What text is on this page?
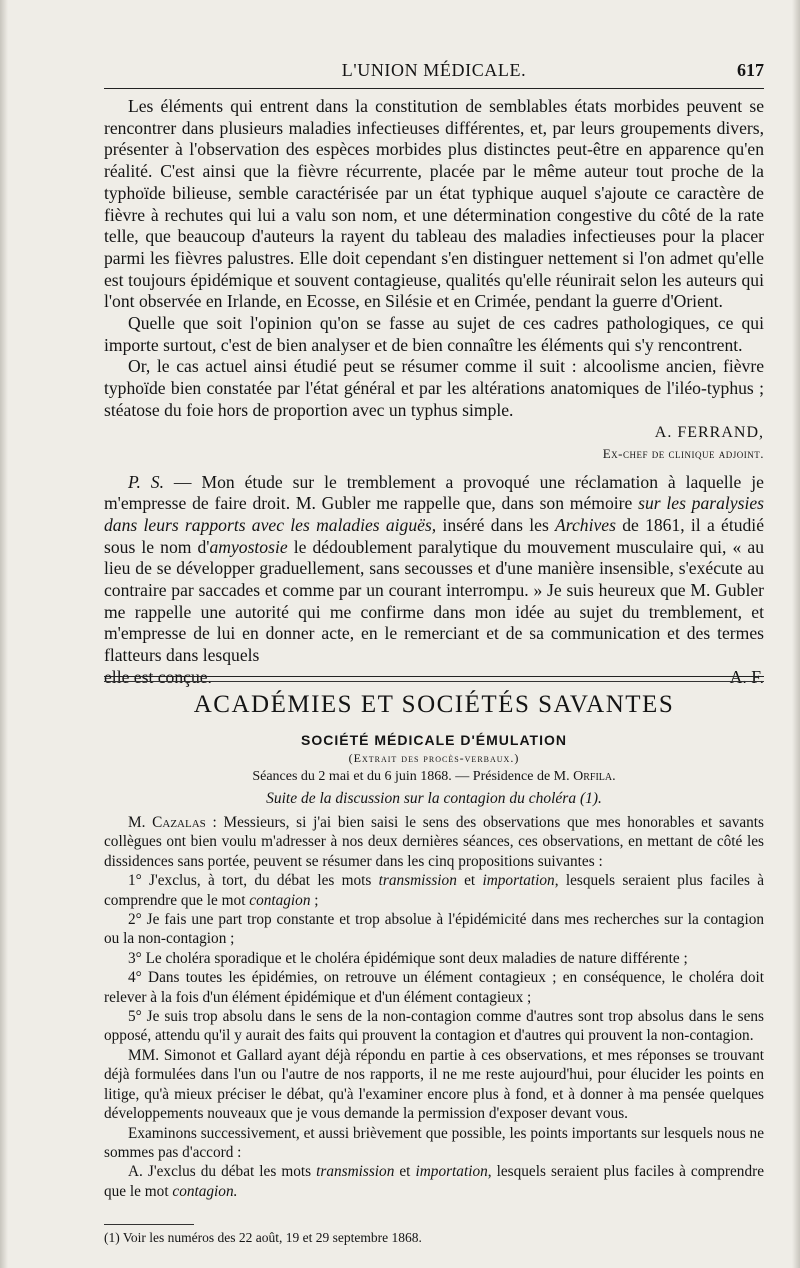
L'UNION MÉDICALE.	617

Les éléments qui entrent dans la constitution de semblables états morbides peuvent se rencontrer dans plusieurs maladies infectieuses différentes, et, par leurs groupements divers, présenter à l'observation des espèces morbides plus distinctes peut-être en apparence qu'en réalité. C'est ainsi que la fièvre récurrente, placée par le même auteur tout proche de la typhoïde bilieuse, semble caractérisée par un état typhique auquel s'ajoute ce caractère de fièvre à rechutes qui lui a valu son nom, et une détermination congestive du côté de la rate telle, que beaucoup d'auteurs la rayent du tableau des maladies infectieuses pour la placer parmi les fièvres palustres. Elle doit cependant s'en distinguer nettement si l'on admet qu'elle est toujours épidémique et souvent contagieuse, qualités qu'elle réunirait selon les auteurs qui l'ont observée en Irlande, en Ecosse, en Silésie et en Crimée, pendant la guerre d'Orient.

Quelle que soit l'opinion qu'on se fasse au sujet de ces cadres pathologiques, ce qui importe surtout, c'est de bien analyser et de bien connaître les éléments qui s'y rencontrent.

Or, le cas actuel ainsi étudié peut se résumer comme il suit : alcoolisme ancien, fièvre typhoïde bien constatée par l'état général et par les altérations anatomiques de l'iléo-typhus ; stéatose du foie hors de proportion avec un typhus simple.

A. FERRAND,
Ex-chef de clinique adjoint.

P. S. — Mon étude sur le tremblement a provoqué une réclamation à laquelle je m'empresse de faire droit. M. Gubler me rappelle que, dans son mémoire sur les paralysies dans leurs rapports avec les maladies aiguës, inséré dans les Archives de 1861, il a étudié sous le nom d'amyostosie le dédoublement paralytique du mouvement musculaire qui, « au lieu de se développer graduellement, sans secousses et d'une manière insensible, s'exécute au contraire par saccades et comme par un courant interrompu. » Je suis heureux que M. Gubler me rappelle une autorité qui me confirme dans mon idée au sujet du tremblement, et m'empresse de lui en donner acte, en le remerciant et de sa communication et des termes flatteurs dans lesquels

elle est conçue.	A. F.
ACADÉMIES ET SOCIÉTÉS SAVANTES
SOCIÉTÉ MÉDICALE D'ÉMULATION
(Extrait des procès-verbaux.)
Séances du 2 mai et du 6 juin 1868. — Présidence de M. Orfila.
Suite de la discussion sur la contagion du choléra (1).

M. Cazalas : Messieurs, si j'ai bien saisi le sens des observations que mes honorables et savants collègues ont bien voulu m'adresser à nos deux dernières séances, ces observations, en mettant de côté les dissidences sans portée, peuvent se résumer dans les cinq propositions suivantes :

1° J'exclus, à tort, du débat les mots transmission et importation, lesquels seraient plus faciles à comprendre que le mot contagion ;

2° Je fais une part trop constante et trop absolue à l'épidémicité dans mes recherches sur la contagion ou la non-contagion ;

3° Le choléra sporadique et le choléra épidémique sont deux maladies de nature différente ;

4° Dans toutes les épidémies, on retrouve un élément contagieux ; en conséquence, le choléra doit relever à la fois d'un élément épidémique et d'un élément contagieux ;

5° Je suis trop absolu dans le sens de la non-contagion comme d'autres sont trop absolus dans le sens opposé, attendu qu'il y aurait des faits qui prouvent la contagion et d'autres qui prouvent la non-contagion.

MM. Simonot et Gallard ayant déjà répondu en partie à ces observations, et mes réponses se trouvant déjà formulées dans l'un ou l'autre de nos rapports, il ne me reste aujourd'hui, pour élucider les points en litige, qu'à mieux préciser le débat, qu'à l'examiner encore plus à fond, et à donner à ma pensée quelques développements nouveaux que je vous demande la permission d'exposer devant vous.

Examinons successivement, et aussi brièvement que possible, les points importants sur lesquels nous ne sommes pas d'accord :

A. J'exclus du débat les mots transmission et importation, lesquels seraient plus faciles à comprendre que le mot contagion.

(1) Voir les numéros des 22 août, 19 et 29 septembre 1868.
